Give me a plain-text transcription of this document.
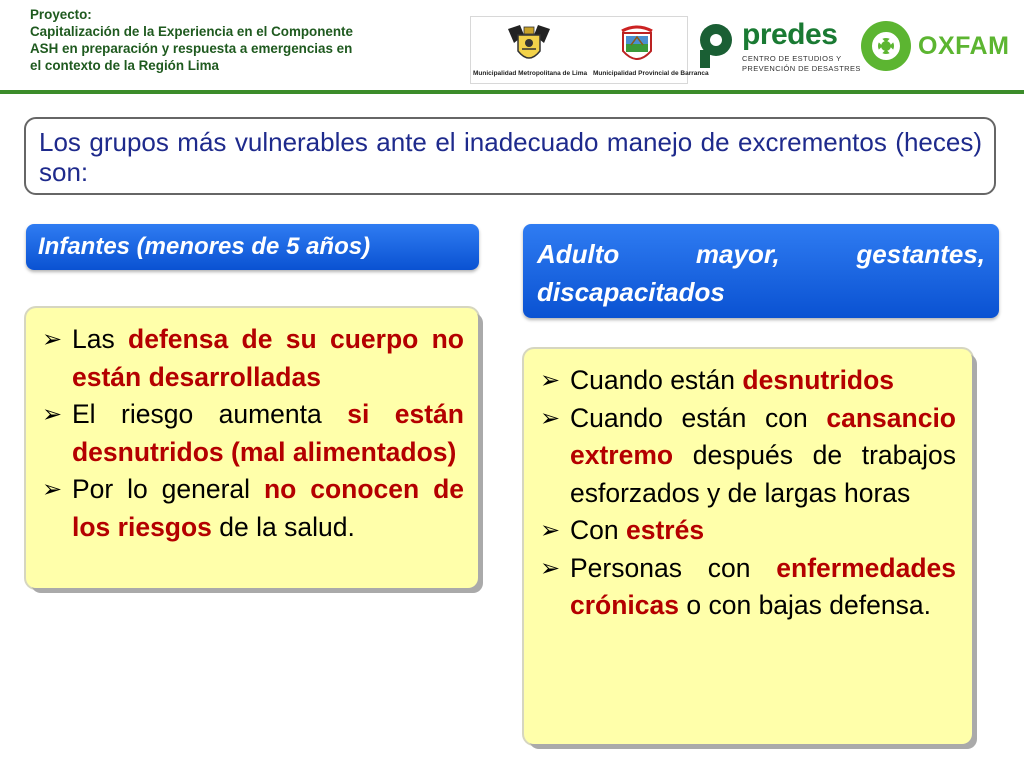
Proyecto:
Capitalización de la Experiencia en el Componente
ASH en preparación y respuesta a emergencias en
el contexto de la Región Lima
Municipalidad Metropolitana de Lima Municipalidad Provincial de Barranca
predes
CENTRO DE ESTUDIOS Y
PREVENCIÓN DE DESASTRES
OXFAM
Los grupos más vulnerables ante el inadecuado manejo de excrementos (heces) son:
Infantes (menores de 5 años)	Adulto mayor, gestantes, discapacitados
➢ Las defensa de su cuerpo no están desarrolladas
➢ El riesgo aumenta si están desnutridos (mal alimentados)
➢ Por lo general no conocen de los riesgos de la salud.
➢ Cuando están desnutridos
➢ Cuando están con cansancio extremo después de trabajos esforzados y de largas horas
➢ Con estrés
➢ Personas con enfermedades crónicas o con bajas defensa.
